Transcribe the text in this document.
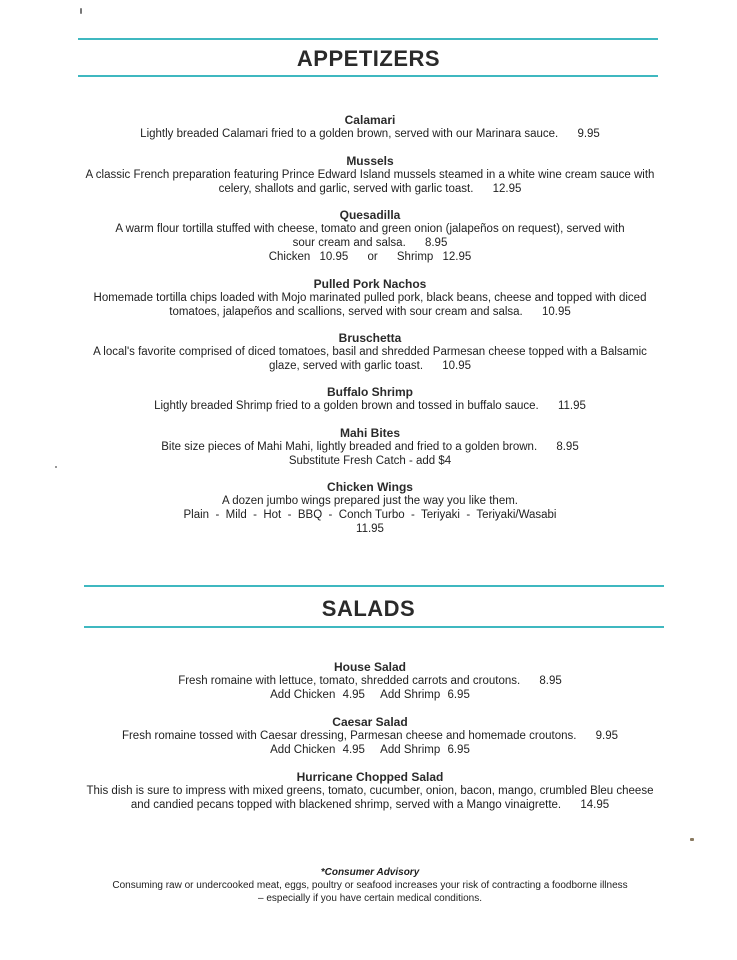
APPETIZERS
Calamari
Lightly breaded Calamari fried to a golden brown, served with our Marinara sauce. 9.95
Mussels
A classic French preparation featuring Prince Edward Island mussels steamed in a white wine cream sauce with
celery, shallots and garlic, served with garlic toast. 12.95
Quesadilla
A warm flour tortilla stuffed with cheese, tomato and green onion (jalapeños on request), served with
sour cream and salsa. 8.95
Chicken 10.95 or Shrimp 12.95
Pulled Pork Nachos
Homemade tortilla chips loaded with Mojo marinated pulled pork, black beans, cheese and topped with diced
tomatoes, jalapeños and scallions, served with sour cream and salsa. 10.95
Bruschetta
A local's favorite comprised of diced tomatoes, basil and shredded Parmesan cheese topped with a Balsamic
glaze, served with garlic toast. 10.95
Buffalo Shrimp
Lightly breaded Shrimp fried to a golden brown and tossed in buffalo sauce. 11.95
Mahi Bites
Bite size pieces of Mahi Mahi, lightly breaded and fried to a golden brown. 8.95
Substitute Fresh Catch - add $4
Chicken Wings
A dozen jumbo wings prepared just the way you like them.
Plain  -  Mild  -  Hot  -  BBQ  -  Conch Turbo  -  Teriyaki  -  Teriyaki/Wasabi
11.95
SALADS
House Salad
Fresh romaine with lettuce, tomato, shredded carrots and croutons. 8.95
Add Chicken 4.95 Add Shrimp 6.95
Caesar Salad
Fresh romaine tossed with Caesar dressing, Parmesan cheese and homemade croutons. 9.95
Add Chicken 4.95 Add Shrimp 6.95
Hurricane Chopped Salad
This dish is sure to impress with mixed greens, tomato, cucumber, onion, bacon, mango, crumbled Bleu cheese
and candied pecans topped with blackened shrimp, served with a Mango vinaigrette. 14.95
*Consumer Advisory
Consuming raw or undercooked meat, eggs, poultry or seafood increases your risk of contracting a foodborne illness
– especially if you have certain medical conditions.
